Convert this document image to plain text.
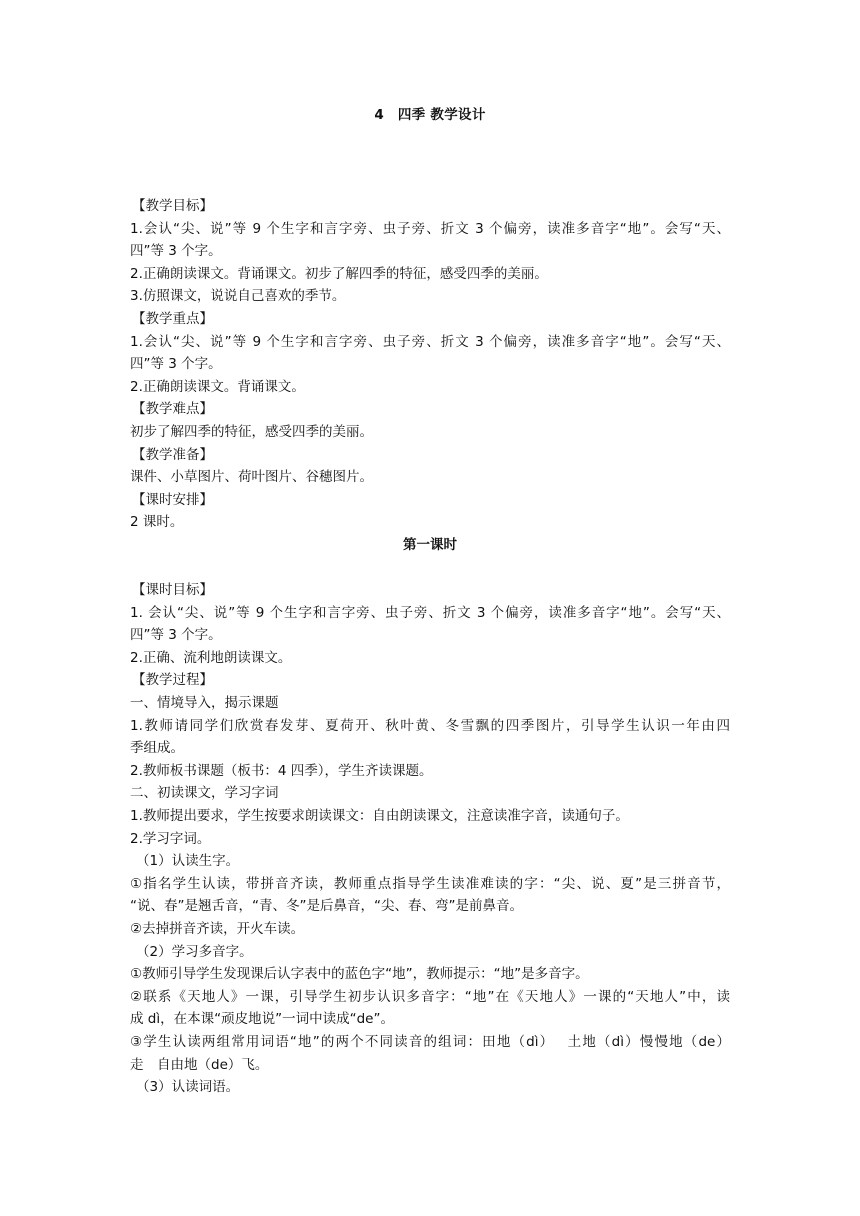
4　四季 教学设计
【教学目标】
1.会认“尖、说”等 9 个生字和言字旁、虫子旁、折文 3 个偏旁，读准多音字“地”。会写“天、
四”等 3 个字。
2.正确朗读课文。背诵课文。初步了解四季的特征，感受四季的美丽。
3.仿照课文，说说自己喜欢的季节。
【教学重点】
1.会认“尖、说”等 9 个生字和言字旁、虫子旁、折文 3 个偏旁，读准多音字“地”。会写“天、
四”等 3 个字。
2.正确朗读课文。背诵课文。
【教学难点】
初步了解四季的特征，感受四季的美丽。
【教学准备】
课件、小草图片、荷叶图片、谷穗图片。
【课时安排】
2 课时。
第一课时
【课时目标】
1. 会认“尖、说”等 9 个生字和言字旁、虫子旁、折文 3 个偏旁，读准多音字“地”。会写“天、
四”等 3 个字。
2.正确、流利地朗读课文。
【教学过程】
一、情境导入，揭示课题
1.教师请同学们欣赏春发芽、夏荷开、秋叶黄、冬雪飘的四季图片，引导学生认识一年由四
季组成。
2.教师板书课题（板书：4 四季），学生齐读课题。
二、初读课文，学习字词
1.教师提出要求，学生按要求朗读课文：自由朗读课文，注意读准字音，读通句子。
2.学习字词。
（1）认读生字。
①指名学生认读，带拼音齐读，教师重点指导学生读准难读的字：“尖、说、夏”是三拼音节，
“说、春”是翘舌音，“青、冬”是后鼻音，“尖、春、弯”是前鼻音。
②去掉拼音齐读，开火车读。
（2）学习多音字。
①教师引导学生发现课后认字表中的蓝色字“地”，教师提示：“地”是多音字。
②联系《天地人》一课，引导学生初步认识多音字：“地”在《天地人》一课的“天地人”中，读
成 dì，在本课“顽皮地说”一词中读成“de”。
③学生认读两组常用词语“地”的两个不同读音的组词：田地（dì）　 土地（dì）慢慢地（de）
走　自由地（de）飞。
（3）认读词语。
